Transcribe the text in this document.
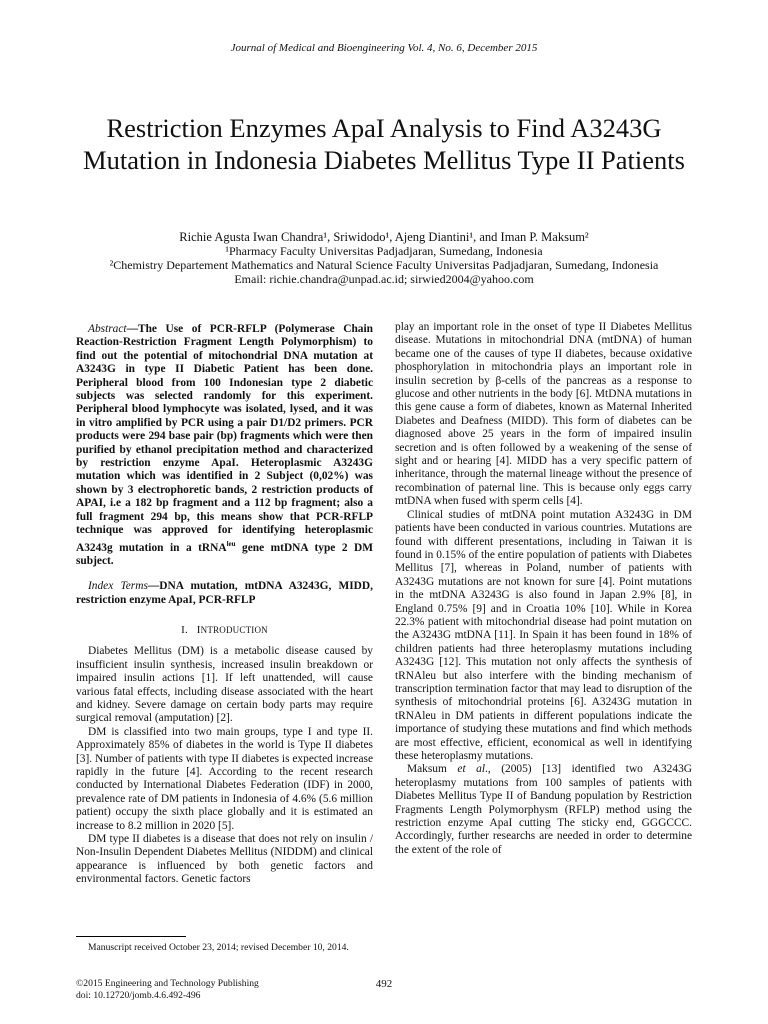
Journal of Medical and Bioengineering Vol. 4, No. 6, December 2015
Restriction Enzymes ApaI Analysis to Find A3243G Mutation in Indonesia Diabetes Mellitus Type II Patients
Richie Agusta Iwan Chandra¹, Sriwidodo¹, Ajeng Diantini¹, and Iman P. Maksum²
¹Pharmacy Faculty Universitas Padjadjaran, Sumedang, Indonesia
²Chemistry Departement Mathematics and Natural Science Faculty Universitas Padjadjaran, Sumedang, Indonesia
Email: richie.chandra@unpad.ac.id; sirwied2004@yahoo.com

Abstract—The Use of PCR-RFLP (Polymerase Chain Reaction-Restriction Fragment Length Polymorphism) to find out the potential of mitochondrial DNA mutation at A3243G in type II Diabetic Patient has been done. Peripheral blood from 100 Indonesian type 2 diabetic subjects was selected randomly for this experiment. Peripheral blood lymphocyte was isolated, lysed, and it was in vitro amplified by PCR using a pair D1/D2 primers. PCR products were 294 base pair (bp) fragments which were then purified by ethanol precipitation method and characterized by restriction enzyme ApaI. Heteroplasmic A3243G mutation which was identified in 2 Subject (0,02%) was shown by 3 electrophoretic bands, 2 restriction products of APAI, i.e a 182 bp fragment and a 112 bp fragment; also a full fragment 294 bp, this means show that PCR-RFLP technique was approved for identifying heteroplasmic A3243g mutation in a tRNA$^{leu}$ gene mtDNA type 2 DM subject.

Index Terms—DNA mutation, mtDNA A3243G, MIDD, restriction enzyme ApaI, PCR-RFLP

I. INTRODUCTION

Diabetes Mellitus (DM) is a metabolic disease caused by insufficient insulin synthesis, increased insulin breakdown or impaired insulin actions [1]. If left unattended, will cause various fatal effects, including disease associated with the heart and kidney. Severe damage on certain body parts may require surgical removal (amputation) [2].

DM is classified into two main groups, type I and type II. Approximately 85% of diabetes in the world is Type II diabetes [3]. Number of patients with type II diabetes is expected increase rapidly in the future [4]. According to the recent research conducted by International Diabetes Federation (IDF) in 2000, prevalence rate of DM patients in Indonesia of 4.6% (5.6 million patient) occupy the sixth place globally and it is estimated an increase to 8.2 million in 2020 [5].

DM type II diabetes is a disease that does not rely on insulin / Non-Insulin Dependent Diabetes Mellitus (NIDDM) and clinical appearance is influenced by both genetic factors and environmental factors. Genetic factors

play an important role in the onset of type II Diabetes Mellitus disease. Mutations in mitochondrial DNA (mtDNA) of human became one of the causes of type II diabetes, because oxidative phosphorylation in mitochondria plays an important role in insulin secretion by β-cells of the pancreas as a response to glucose and other nutrients in the body [6]. MtDNA mutations in this gene cause a form of diabetes, known as Maternal Inherited Diabetes and Deafness (MIDD). This form of diabetes can be diagnosed above 25 years in the form of impaired insulin secretion and is often followed by a weakening of the sense of sight and or hearing [4]. MIDD has a very specific pattern of inheritance, through the maternal lineage without the presence of recombination of paternal line. This is because only eggs carry mtDNA when fused with sperm cells [4].

Clinical studies of mtDNA point mutation A3243G in DM patients have been conducted in various countries. Mutations are found with different presentations, including in Taiwan it is found in 0.15% of the entire population of patients with Diabetes Mellitus [7], whereas in Poland, number of patients with A3243G mutations are not known for sure [4]. Point mutations in the mtDNA A3243G is also found in Japan 2.9% [8], in England 0.75% [9] and in Croatia 10% [10]. While in Korea 22.3% patient with mitochondrial disease had point mutation on the A3243G mtDNA [11]. In Spain it has been found in 18% of children patients had three heteroplasmy mutations including A3243G [12]. This mutation not only affects the synthesis of tRNAleu but also interfere with the binding mechanism of transcription termination factor that may lead to disruption of the synthesis of mitochondrial proteins [6]. A3243G mutation in tRNAleu in DM patients in different populations indicate the importance of studying these mutations and find which methods are most effective, efficient, economical as well in identifying these heteroplasmy mutations.

Maksum et al., (2005) [13] identified two A3243G heteroplasmy mutations from 100 samples of patients with Diabetes Mellitus Type II of Bandung population by Restriction Fragments Length Polymorphysm (RFLP) method using the restriction enzyme ApaI cutting The sticky end, GGGCCC. Accordingly, further researchs are needed in order to determine the extent of the role of

Manuscript received October 23, 2014; revised December 10, 2014.
©2015 Engineering and Technology Publishing
doi: 10.12720/jomb.4.6.492-496
492
